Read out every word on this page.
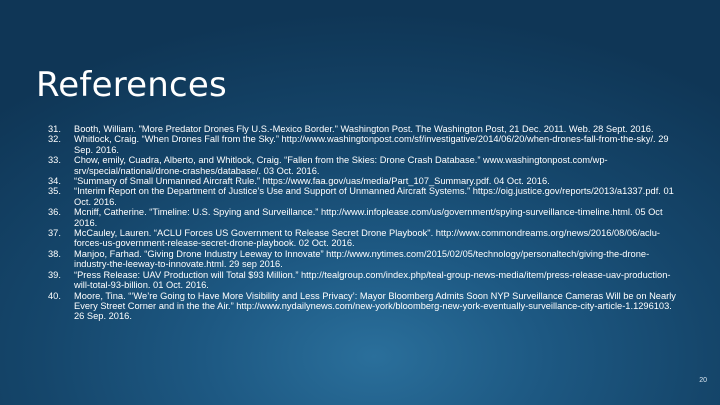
References
31.	Booth, William. "More Predator Drones Fly U.S.-Mexico Border." Washington Post. The Washington Post, 21 Dec. 2011. Web. 28 Sept. 2016.
32.	Whitlock, Craig. “When Drones Fall from the Sky.” http://www.washingtonpost.com/sf/investigative/2014/06/20/when-drones-fall-from-the-sky/. 29 Sep. 2016.
33.	Chow, emily, Cuadra, Alberto, and Whitlock, Craig. “Fallen from the Skies: Drone Crash Database.” www.washingtonpost.com/wp-srv/special/national/drone-crashes/database/. 03 Oct. 2016.
34.	“Summary of Small Unmanned Aircraft Rule.” https://www.faa.gov/uas/media/Part_107_Summary.pdf. 04 Oct. 2016.
35.	“Interim Report on the Department of Justice’s Use and Support of Unmanned Aircraft Systems.” https://oig.justice.gov/reports/2013/a1337.pdf. 01 Oct. 2016.
36.	Mcniff, Catherine. “Timeline: U.S. Spying and Surveillance.” http://www.infoplease.com/us/government/spying-surveillance-timeline.html. 05 Oct 2016.
37.	McCauley, Lauren. “ACLU Forces US Government to Release Secret Drone Playbook". http://www.commondreams.org/news/2016/08/06/aclu-forces-us-government-release-secret-drone-playbook. 02 Oct. 2016.
38.	Manjoo, Farhad. “Giving Drone Industry Leeway to Innovate” http://www.nytimes.com/2015/02/05/technology/personaltech/giving-the-drone-industry-the-leeway-to-innovate.html. 29 sep 2016.
39.	“Press Release: UAV Production will Total $93 Million.” http://tealgroup.com/index.php/teal-group-news-media/item/press-release-uav-production-will-total-93-billion. 01 Oct. 2016.
40.	Moore, Tina. “‘We’re Going to Have More Visibility and Less Privacy’: Mayor Bloomberg Admits Soon NYP Surveillance Cameras Will be on Nearly Every Street Corner and in the the Air.” http://www.nydailynews.com/new-york/bloomberg-new-york-eventually-surveillance-city-article-1.1296103. 26 Sep. 2016.
20
